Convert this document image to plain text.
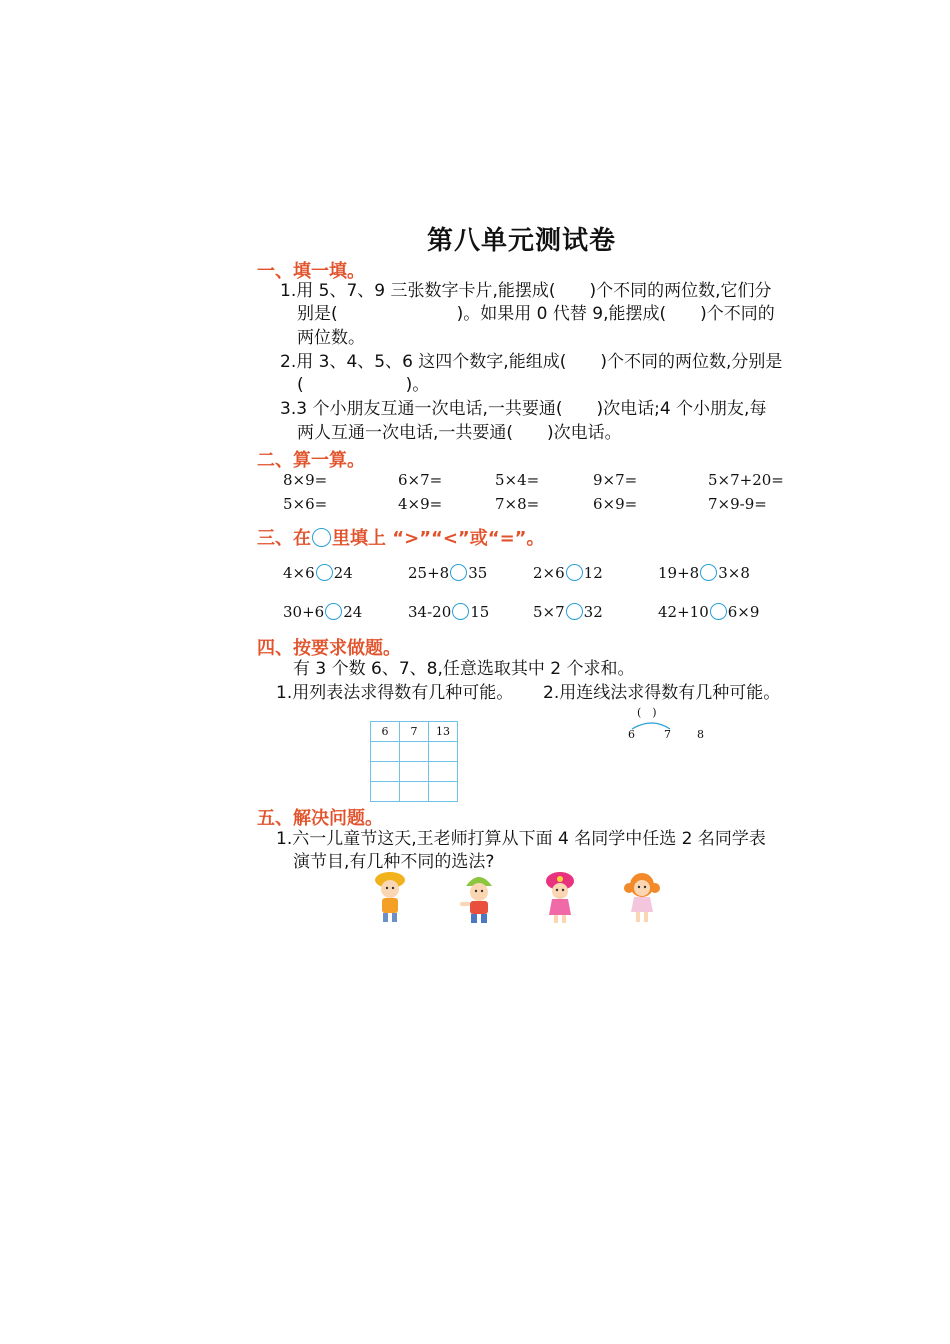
第八单元测试卷
一、填一填。
1.用 5、7、9 三张数字卡片,能摆成(　　)个不同的两位数,它们分
别是(　　　　　　　)。如果用 0 代替 9,能摆成(　　)个不同的
两位数。
2.用 3、4、5、6 这四个数字,能组成(　　)个不同的两位数,分别是
(　　　　　　)。
3.3 个小朋友互通一次电话,一共要通(　　)次电话;4 个小朋友,每
两人互通一次电话,一共要通(　　)次电话。
二、算一算。
8×9=	6×7=	5×4=	9×7=	5×7+20=
5×6=	4×9=	7×8=	6×9=	7×9-9=
三、在 里填上 “>”“<”或“=”。
4×6 24	25+8 35	2×6 12	19+8 3×8
30+6 24	34-20 15	5×7 32	42+10 6×9
四、按要求做题。
有 3 个数 6、7、8,任意选取其中 2 个求和。
1.用列表法求得数有几种可能。 2.用连线法求得数有几种可能。
6	7	13

(　)
6	7 8
五、解决问题。
1.六一儿童节这天,王老师打算从下面 4 名同学中任选 2 名同学表
演节目,有几种不同的选法?
